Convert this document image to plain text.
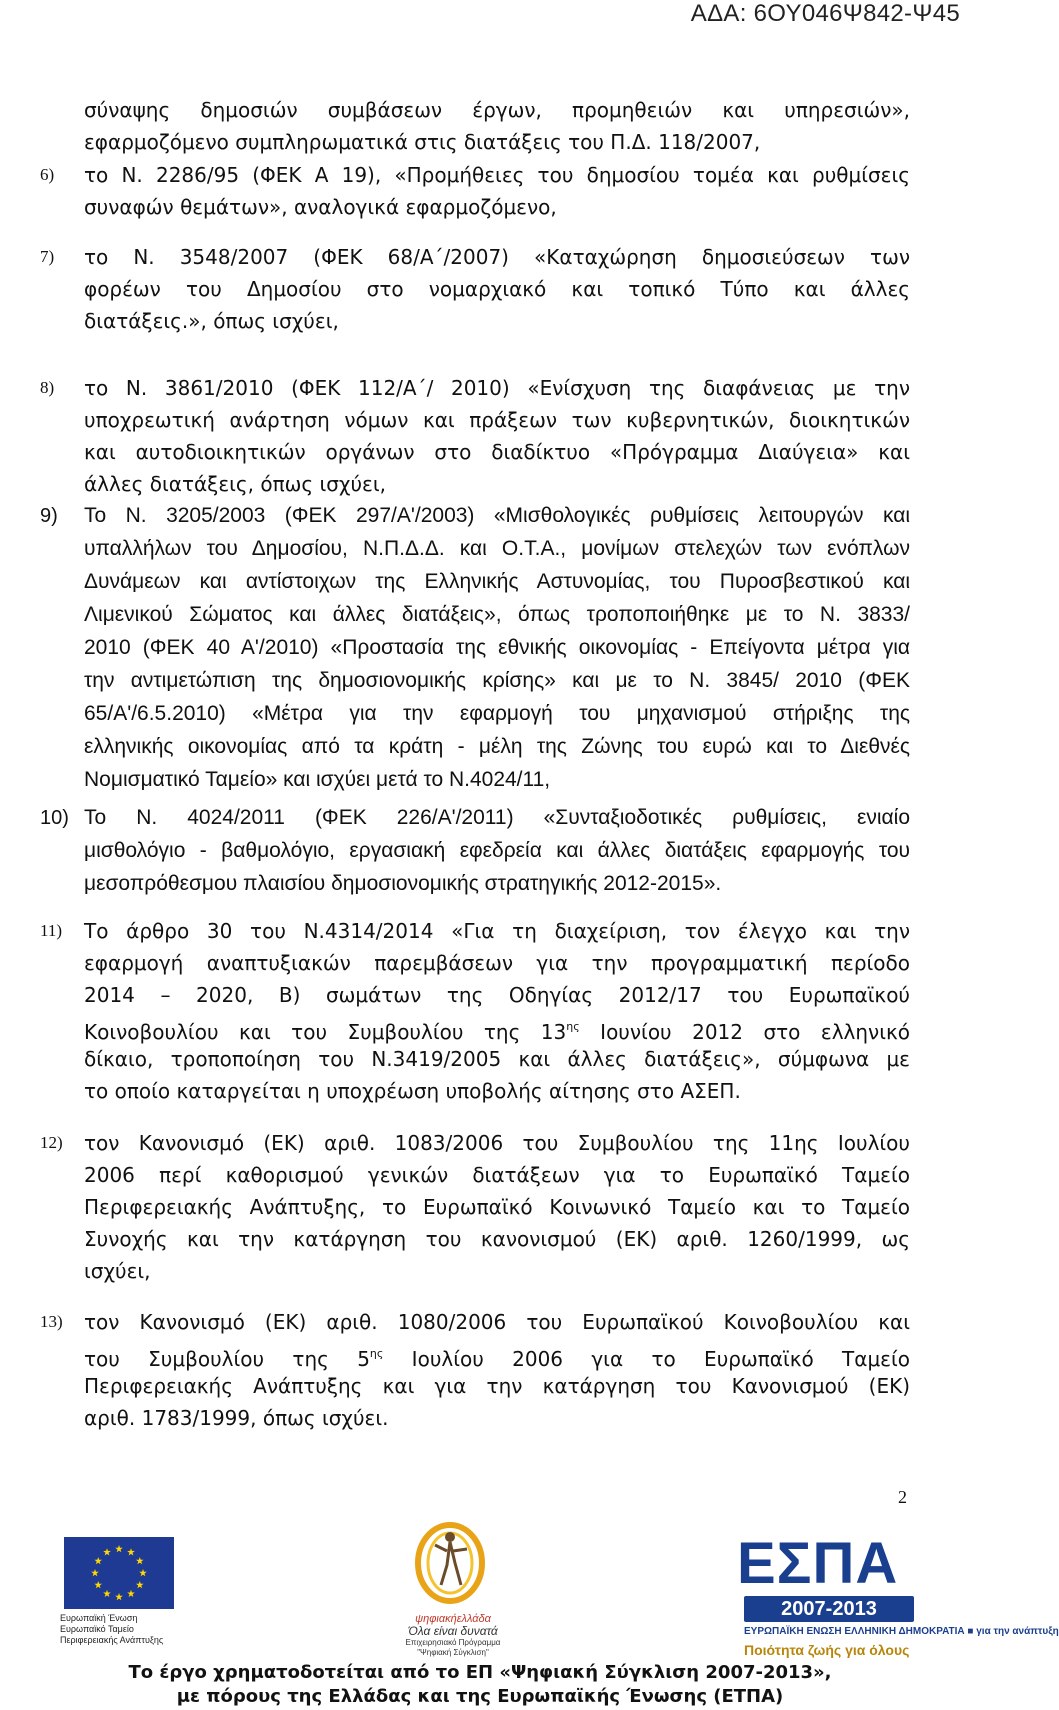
ΑΔΑ: 6ΟΥ046Ψ842-Ψ45
σύναψης δημοσιών συμβάσεων έργων, προμηθειών και υπηρεσιών»,
εφαρμοζόμενο συμπληρωματικά στις διατάξεις του Π.Δ. 118/2007,
6)	το Ν. 2286/95 (ΦΕΚ Α 19), «Προμήθειες του δημοσίου τομέα και ρυθμίσεις
συναφών θεμάτων», αναλογικά εφαρμοζόμενο,
7)	το Ν. 3548/2007 (ΦΕΚ 68/Α΄/2007) «Καταχώρηση δημοσιεύσεων των
φορέων του Δημοσίου στο νομαρχιακό και τοπικό Τύπο και άλλες
διατάξεις.», όπως ισχύει,
8)	το Ν. 3861/2010 (ΦΕΚ 112/Α΄/ 2010) «Ενίσχυση της διαφάνειας με την
υποχρεωτική ανάρτηση νόμων και πράξεων των κυβερνητικών, διοικητικών
και αυτοδιοικητικών οργάνων στο διαδίκτυο «Πρόγραμμα Διαύγεια» και
άλλες διατάξεις, όπως ισχύει,
9) Το Ν. 3205/2003 (ΦΕΚ 297/Α'/2003) «Μισθολογικές ρυθμίσεις λειτουργών και
υπαλλήλων του Δημοσίου, Ν.Π.Δ.Δ. και Ο.Τ.Α., μονίμων στελεχών των ενόπλων
Δυνάμεων και αντίστοιχων της Ελληνικής Αστυνομίας, του Πυροσβεστικού και
Λιμενικού Σώματος και άλλες διατάξεις», όπως τροποποιήθηκε με το Ν. 3833/
2010 (ΦΕΚ 40 Α'/2010) «Προστασία της εθνικής οικονομίας - Επείγοντα μέτρα για
την αντιμετώπιση της δημοσιονομικής κρίσης» και με το Ν. 3845/ 2010 (ΦΕΚ
65/Α'/6.5.2010) «Μέτρα για την εφαρμογή του μηχανισμού στήριξης της
ελληνικής οικονομίας από τα κράτη - μέλη της Ζώνης του ευρώ και το Διεθνές
Νομισματικό Ταμείο» και ισχύει μετά το Ν.4024/11,
10) Το Ν. 4024/2011 (ΦΕΚ 226/Α'/2011) «Συνταξιοδοτικές ρυθμίσεις, ενιαίο
μισθολόγιο - βαθμολόγιο, εργασιακή εφεδρεία και άλλες διατάξεις εφαρμογής του
μεσοπρόθεσμου πλαισίου δημοσιονομικής στρατηγικής 2012-2015».
11)	Το άρθρο 30 του Ν.4314/2014 «Για τη διαχείριση, τον έλεγχο και την
εφαρμογή αναπτυξιακών παρεμβάσεων για την προγραμματική περίοδο
2014 – 2020, Β) σωμάτων της Οδηγίας 2012/17 του Ευρωπαϊκού
Κοινοβουλίου και του Συμβουλίου της $13^{\eta\varsigma}$ Ιουνίου 2012 στο ελληνικό
δίκαιο, τροποποίηση του Ν.3419/2005 και άλλες διατάξεις», σύμφωνα με
το οποίο καταργείται η υποχρέωση υποβολής αίτησης στο ΑΣΕΠ.
12)	τον Κανονισμό (ΕΚ) αριθ. 1083/2006 του Συμβουλίου της 11ης Ιουλίου
2006 περί καθορισμού γενικών διατάξεων για το Ευρωπαϊκό Ταμείο
Περιφερειακής Ανάπτυξης, το Ευρωπαϊκό Κοινωνικό Ταμείο και το Ταμείο
Συνοχής και την κατάργηση του κανονισμού (ΕΚ) αριθ. 1260/1999, ως
ισχύει,
13)	τον Κανονισμό (ΕΚ) αριθ. 1080/2006 του Ευρωπαϊκού Κοινοβουλίου και
του Συμβουλίου της $5^{\eta\varsigma}$ Ιουλίου 2006 για το Ευρωπαϊκό Ταμείο
Περιφερειακής Ανάπτυξης και για την κατάργηση του Κανονισμού (ΕΚ)
αριθ. 1783/1999, όπως ισχύει.
2
Ευρωπαϊκή Ένωση
Ευρωπαϊκό Ταμείο
Περιφερειακής Ανάπτυξης
ψηφιακήελλάδα
Όλα είναι δυνατά
Επιχειρησιακό Πρόγραμμα
"Ψηφιακή Σύγκλιση"
ΕΣΠΑ
2007-2013
ΕΥΡΩΠΑΪΚΗ ΕΝΩΣΗ ΕΛΛΗΝΙΚΗ ΔΗΜΟΚΡΑΤΙΑ ■ για την ανάπτυξη
Ποιότητα ζωής για όλους
Το έργο χρηματοδοτείται από το ΕΠ «Ψηφιακή Σύγκλιση 2007-2013»,
με πόρους της Ελλάδας και της Ευρωπαϊκής Ένωσης (ΕΤΠΑ)
